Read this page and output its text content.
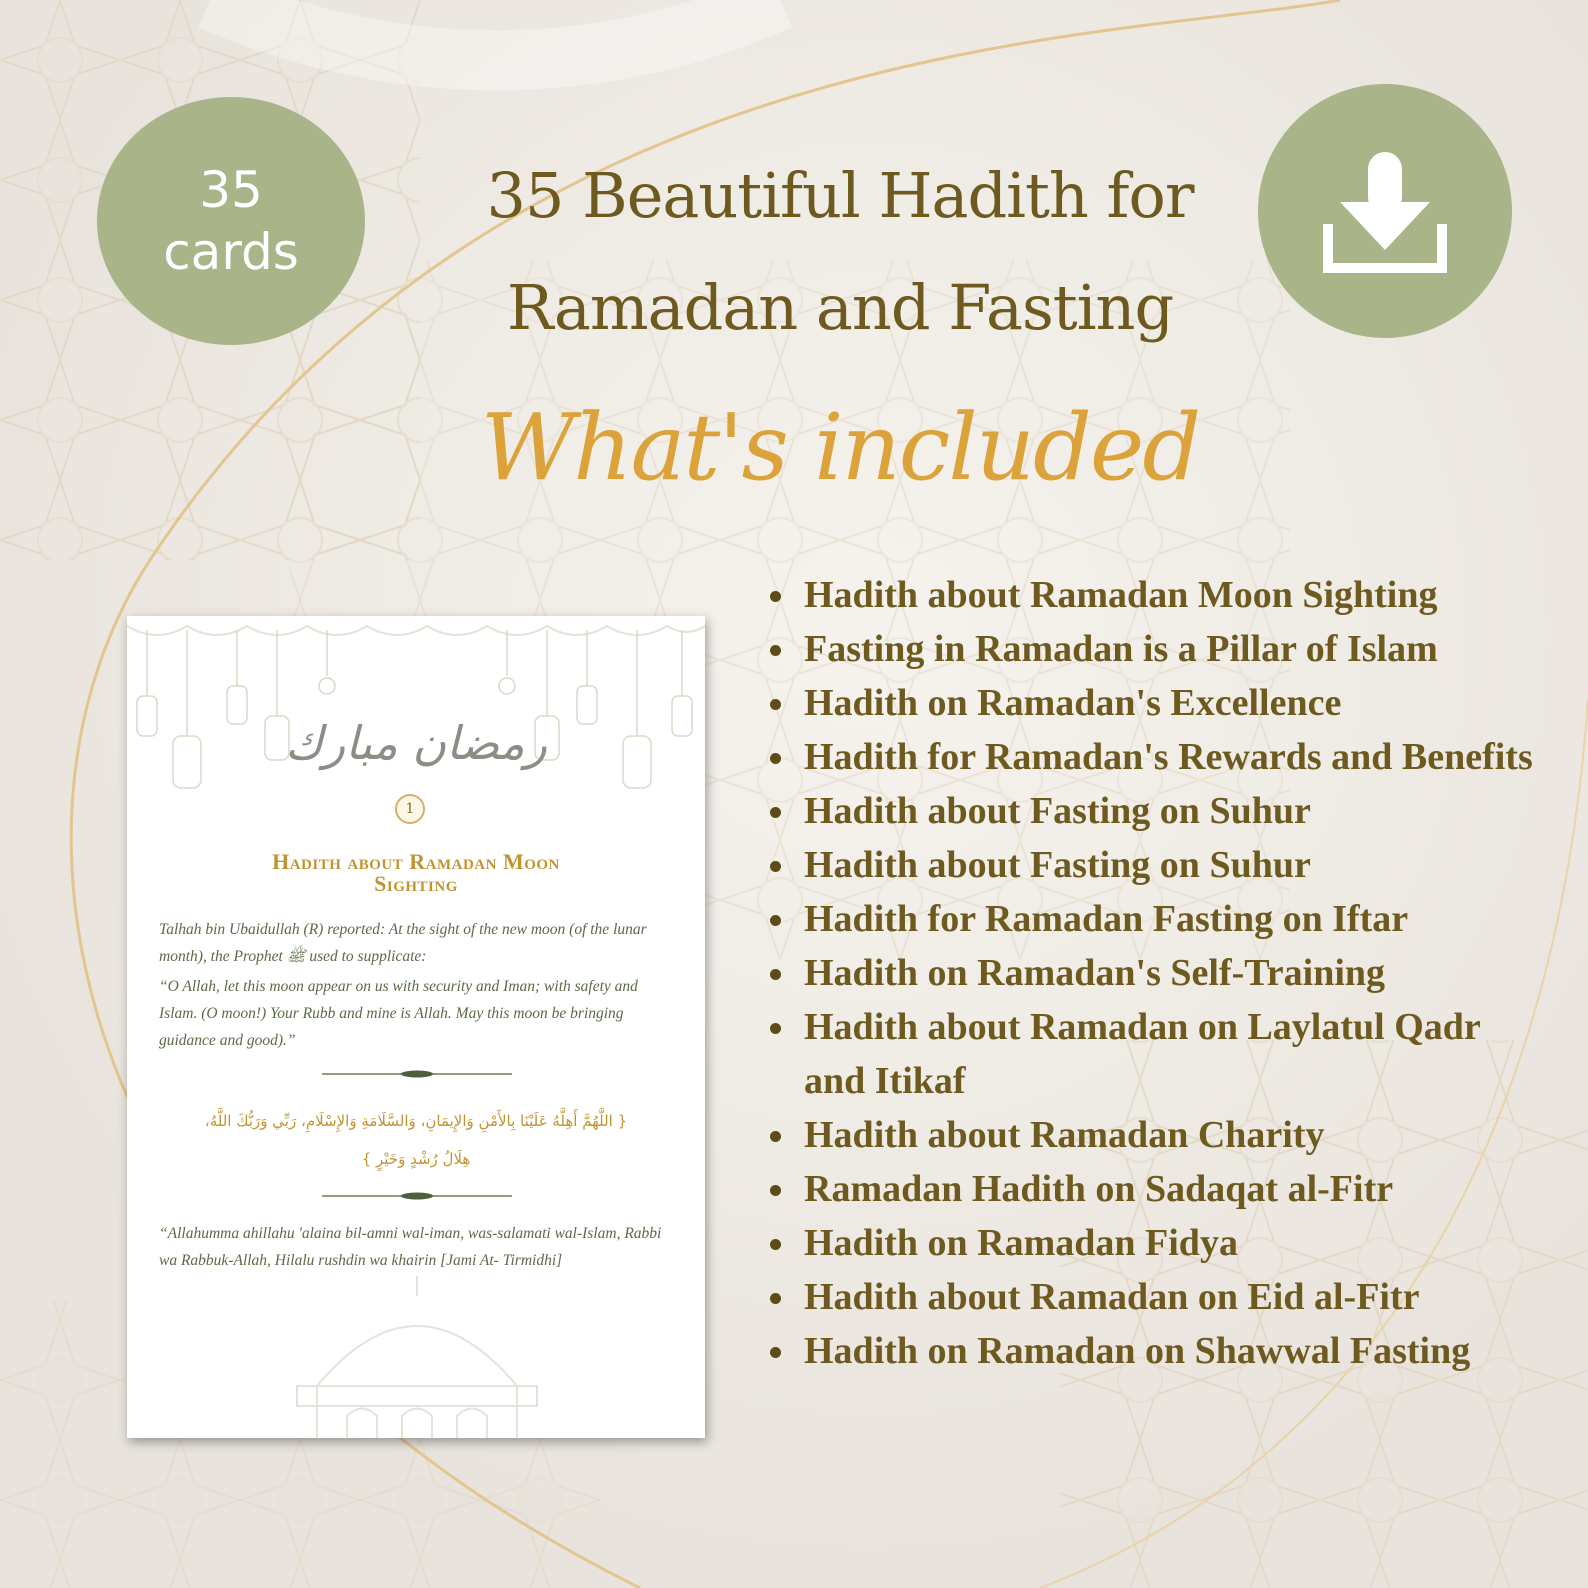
35
cards
35 Beautiful Hadith for
Ramadan and Fasting
What's included
Hadith about Ramadan Moon Sighting
Fasting in Ramadan is a Pillar of Islam
Hadith on Ramadan's Excellence
Hadith for Ramadan's Rewards and Benefits
Hadith about Fasting on Suhur
Hadith about Fasting on Suhur
Hadith for Ramadan Fasting on Iftar
Hadith on Ramadan's Self-Training
Hadith about Ramadan on Laylatul Qadr and Itikaf
Hadith about Ramadan Charity
Ramadan Hadith on Sadaqat al-Fitr
Hadith on Ramadan Fidya
Hadith about Ramadan on Eid al-Fitr
Hadith on Ramadan on Shawwal Fasting
رمضان مبارك
1
Hadith about Ramadan Moon
Sighting
Talhah bin Ubaidullah (R) reported: At the sight of the new moon (of the lunar month), the Prophet ﷺ used to supplicate:
“O Allah, let this moon appear on us with security and Iman; with safety and Islam. (O moon!) Your Rubb and mine is Allah. May this moon be bringing guidance and good).”
{ اللَّهُمَّ أَهِلَّهُ عَلَيْنَا بِالأَمْنِ وَالإِيمَانِ، وَالسَّلَامَةِ وَالإِسْلَامِ، رَبِّي وَرَبُّكَ اللَّهُ،
هِلَالُ رُشْدٍ وَخَيْرٍ }
“Allahumma ahillahu 'alaina bil-amni wal-iman, was-salamati wal-Islam, Rabbi wa Rabbuk-Allah, Hilalu rushdin wa khairin [Jami At- Tirmidhi]
